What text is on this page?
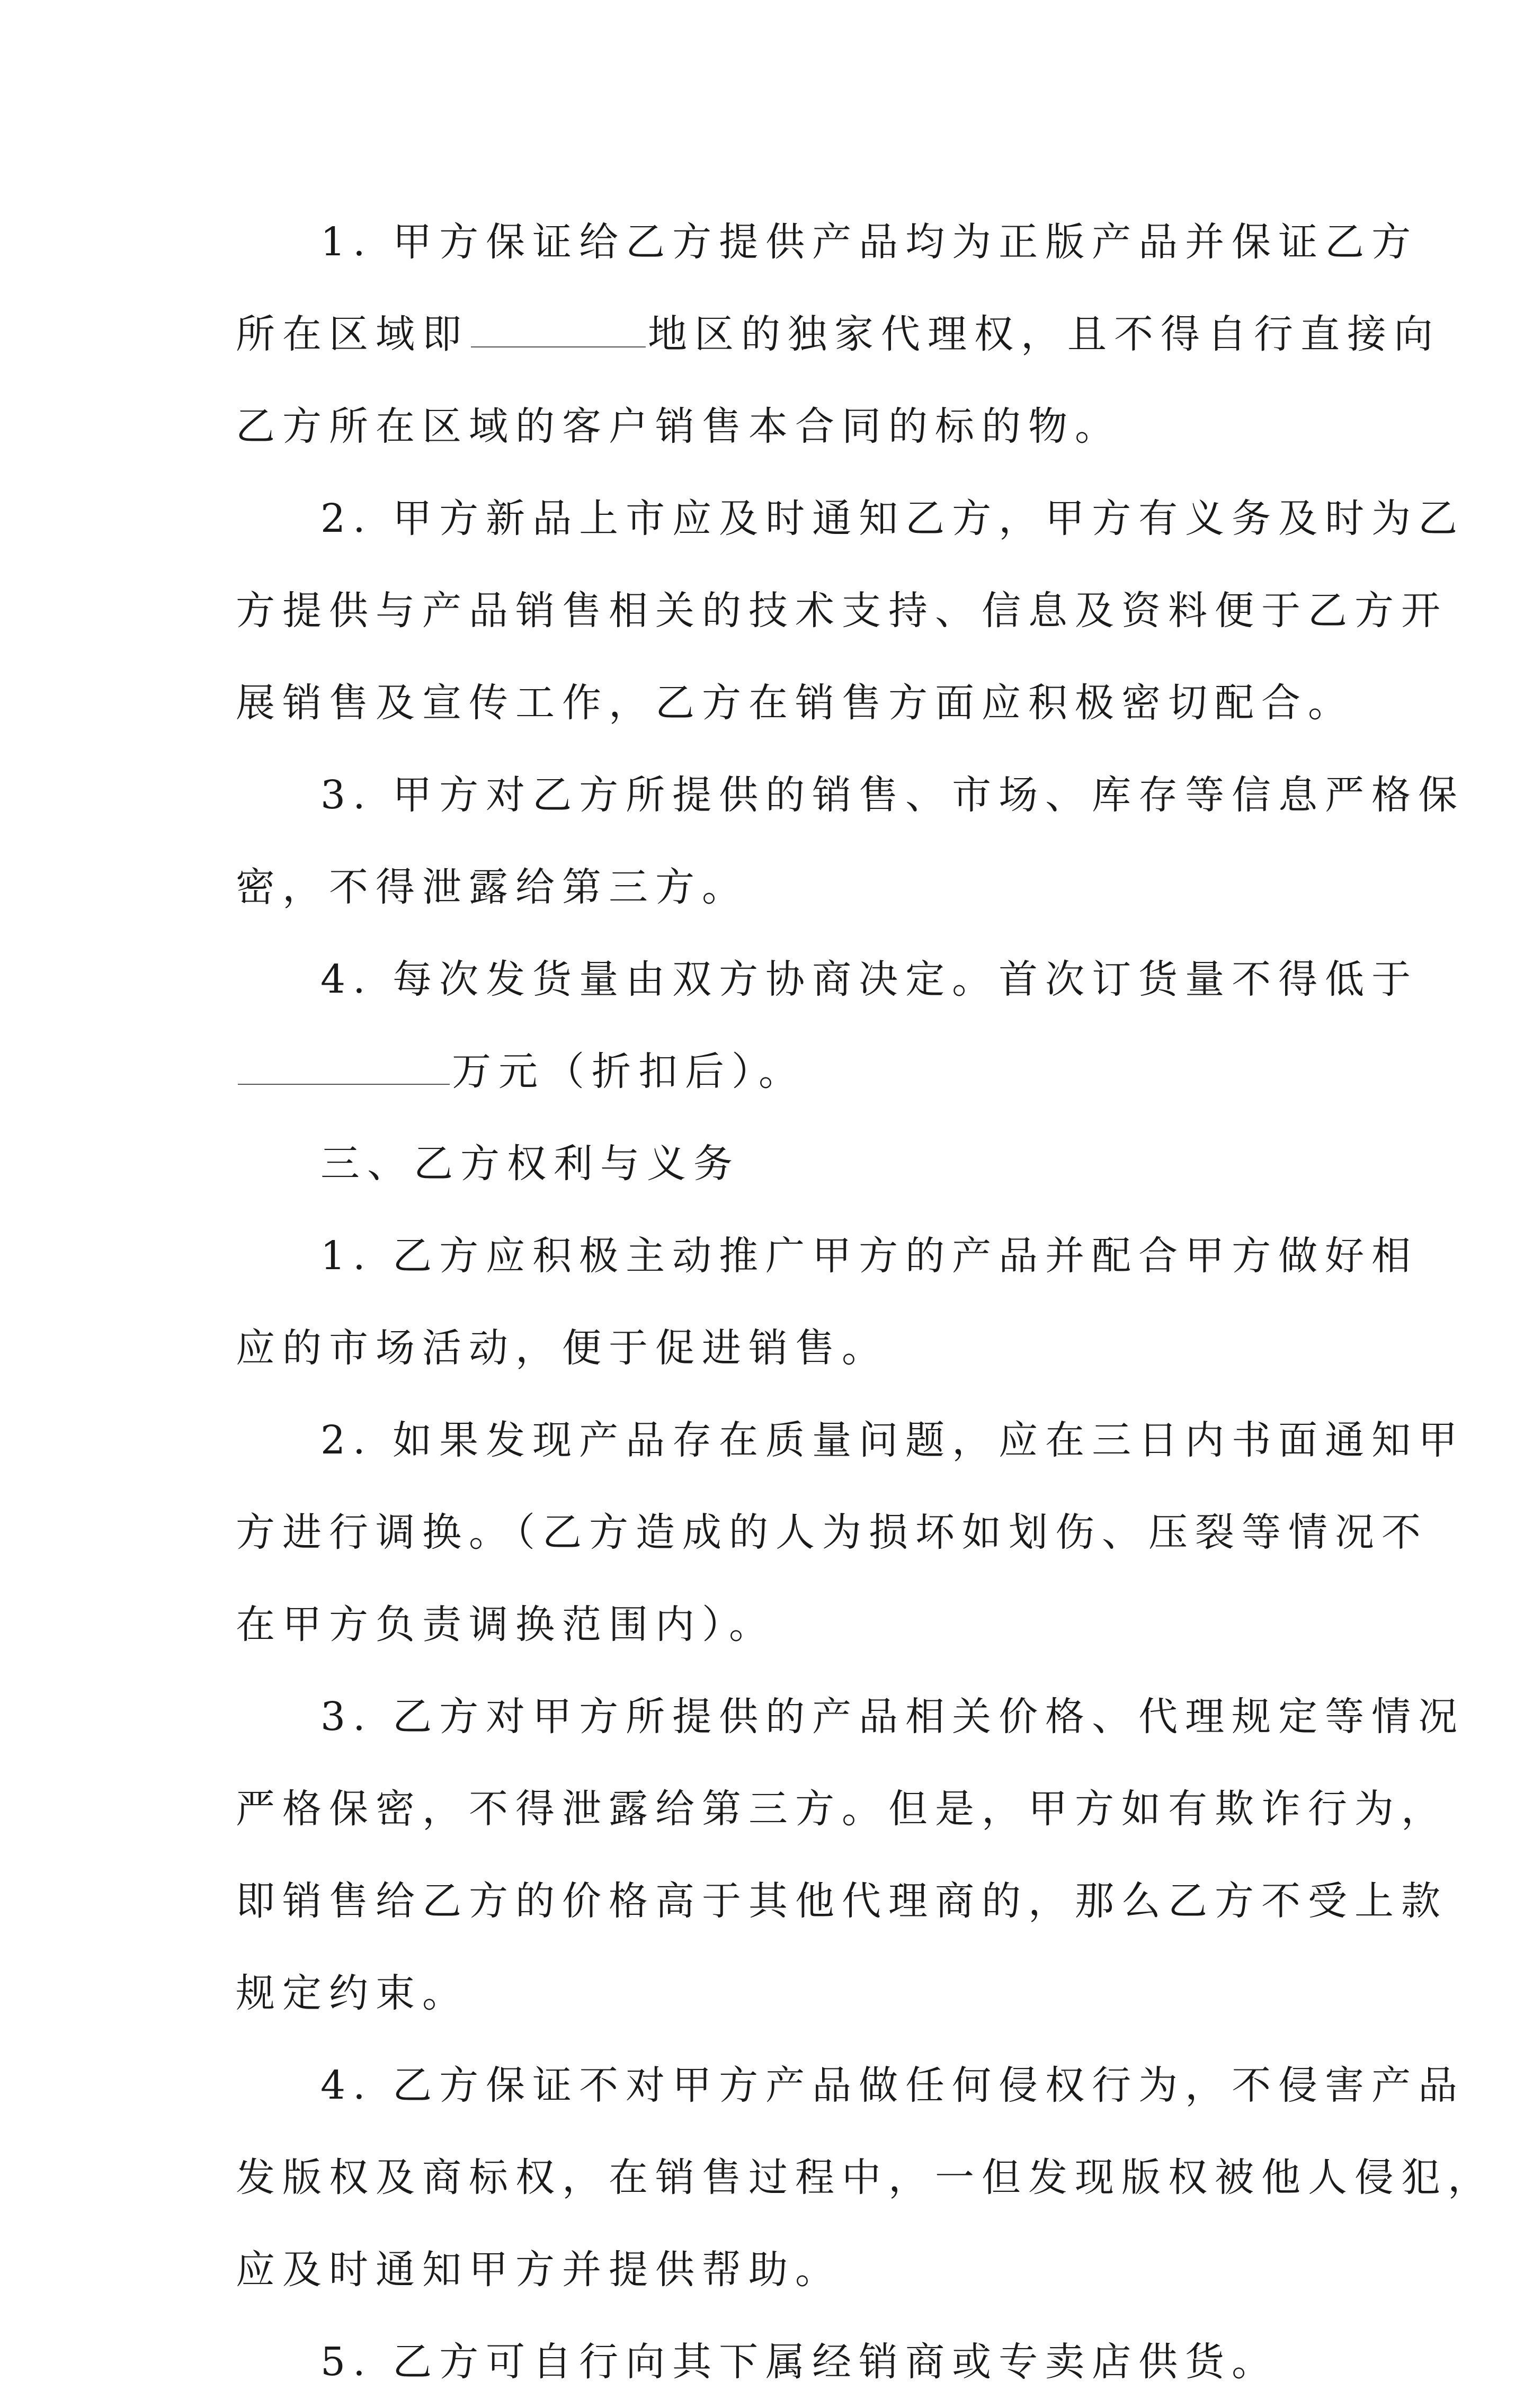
1. 甲方保证给乙方提供产品均为正版产品并保证乙方
所在区域即	地区的独家代理权，且不得自行直接向
乙方所在区域的客户销售本合同的标的物。
2. 甲方新品上市应及时通知乙方，甲方有义务及时为乙
方提供与产品销售相关的技术支持、信息及资料便于乙方开
展销售及宣传工作，乙方在销售方面应积极密切配合。
3. 甲方对乙方所提供的销售、市场、库存等信息严格保
密，不得泄露给第三方。
4. 每次发货量由双方协商决定。首次订货量不得低于
万元（折扣后）。
三、乙方权利与义务
1. 乙方应积极主动推广甲方的产品并配合甲方做好相
应的市场活动，便于促进销售。
2. 如果发现产品存在质量问题，应在三日内书面通知甲
方进行调换。（乙方造成的人为损坏如划伤、压裂等情况不
在甲方负责调换范围内）。
3. 乙方对甲方所提供的产品相关价格、代理规定等情况
严格保密，不得泄露给第三方。但是，甲方如有欺诈行为，
即销售给乙方的价格高于其他代理商的，那么乙方不受上款
规定约束。
4. 乙方保证不对甲方产品做任何侵权行为，不侵害产品
发版权及商标权，在销售过程中，一但发现版权被他人侵犯，
应及时通知甲方并提供帮助。
5. 乙方可自行向其下属经销商或专卖店供货。
